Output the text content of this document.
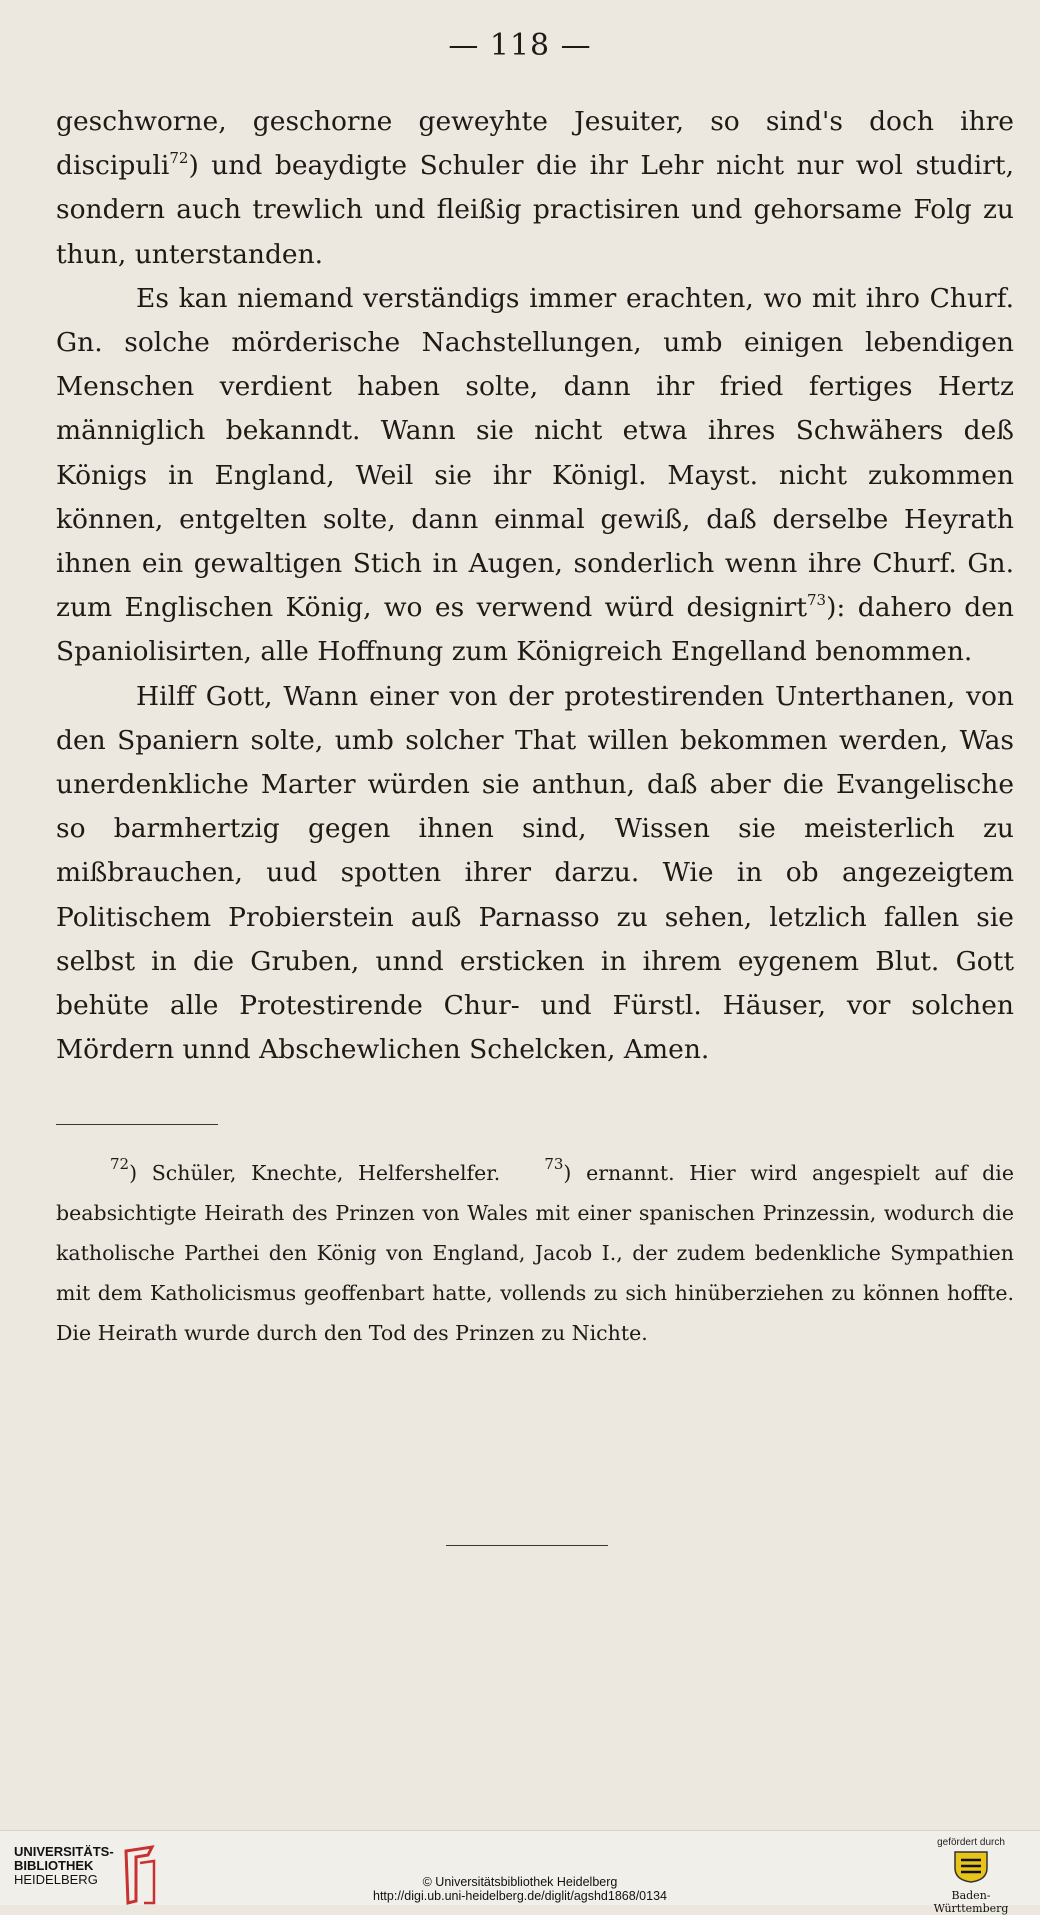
— 118 —

geschworne, geschorne geweyhte Jesuiter, so sind's doch ihre discipuli$^{72}$) und beaydigte Schuler die ihr Lehr nicht nur wol studirt, sondern auch trewlich und fleißig practisiren und gehorsame Folg zu thun, unterstanden.

Es kan niemand verständigs immer erachten, wo mit ihro Churf. Gn. solche mörderische Nachstellungen, umb einigen lebendigen Menschen verdient haben solte, dann ihr fried fertiges Hertz männiglich bekanndt. Wann sie nicht etwa ihres Schwähers deß Königs in England, Weil sie ihr Königl. Mayst. nicht zukommen können, entgelten solte, dann einmal gewiß, daß derselbe Heyrath ihnen ein gewaltigen Stich in Augen, sonderlich wenn ihre Churf. Gn. zum Englischen König, wo es verwend würd designirt$^{73}$): dahero den Spaniolisirten, alle Hoffnung zum Königreich Engelland benommen.

Hilff Gott, Wann einer von der protestirenden Unterthanen, von den Spaniern solte, umb solcher That willen bekommen werden, Was unerdenkliche Marter würden sie anthun, daß aber die Evangelische so barmhertzig gegen ihnen sind, Wissen sie meisterlich zu mißbrauchen, uud spotten ihrer darzu. Wie in ob angezeigtem Politischem Probierstein auß Parnasso zu sehen, letzlich fallen sie selbst in die Gruben, unnd ersticken in ihrem eygenem Blut. Gott behüte alle Protestirende Chur- und Fürstl. Häuser, vor solchen Mördern unnd Abschewlichen Schelcken, Amen.

$^{72}$) Schüler, Knechte, Helfershelfer.	$^{73}$) ernannt. Hier wird angespielt auf die beabsichtigte Heirath des Prinzen von Wales mit einer spanischen Prinzessin, wodurch die katholische Parthei den König von England, Jacob I., der zudem bedenkliche Sympathien mit dem Katholicismus geoffenbart hatte, vollends zu sich hinüberziehen zu können hoffte. Die Heirath wurde durch den Tod des Prinzen zu Nichte.

UNIVERSITÄTS-
BIBLIOTHEK
HEIDELBERG	© Universitätsbibliothek Heidelberg
http://digi.ub.uni-heidelberg.de/diglit/agshd1868/0134
gefördert durch
Baden-Württemberg
